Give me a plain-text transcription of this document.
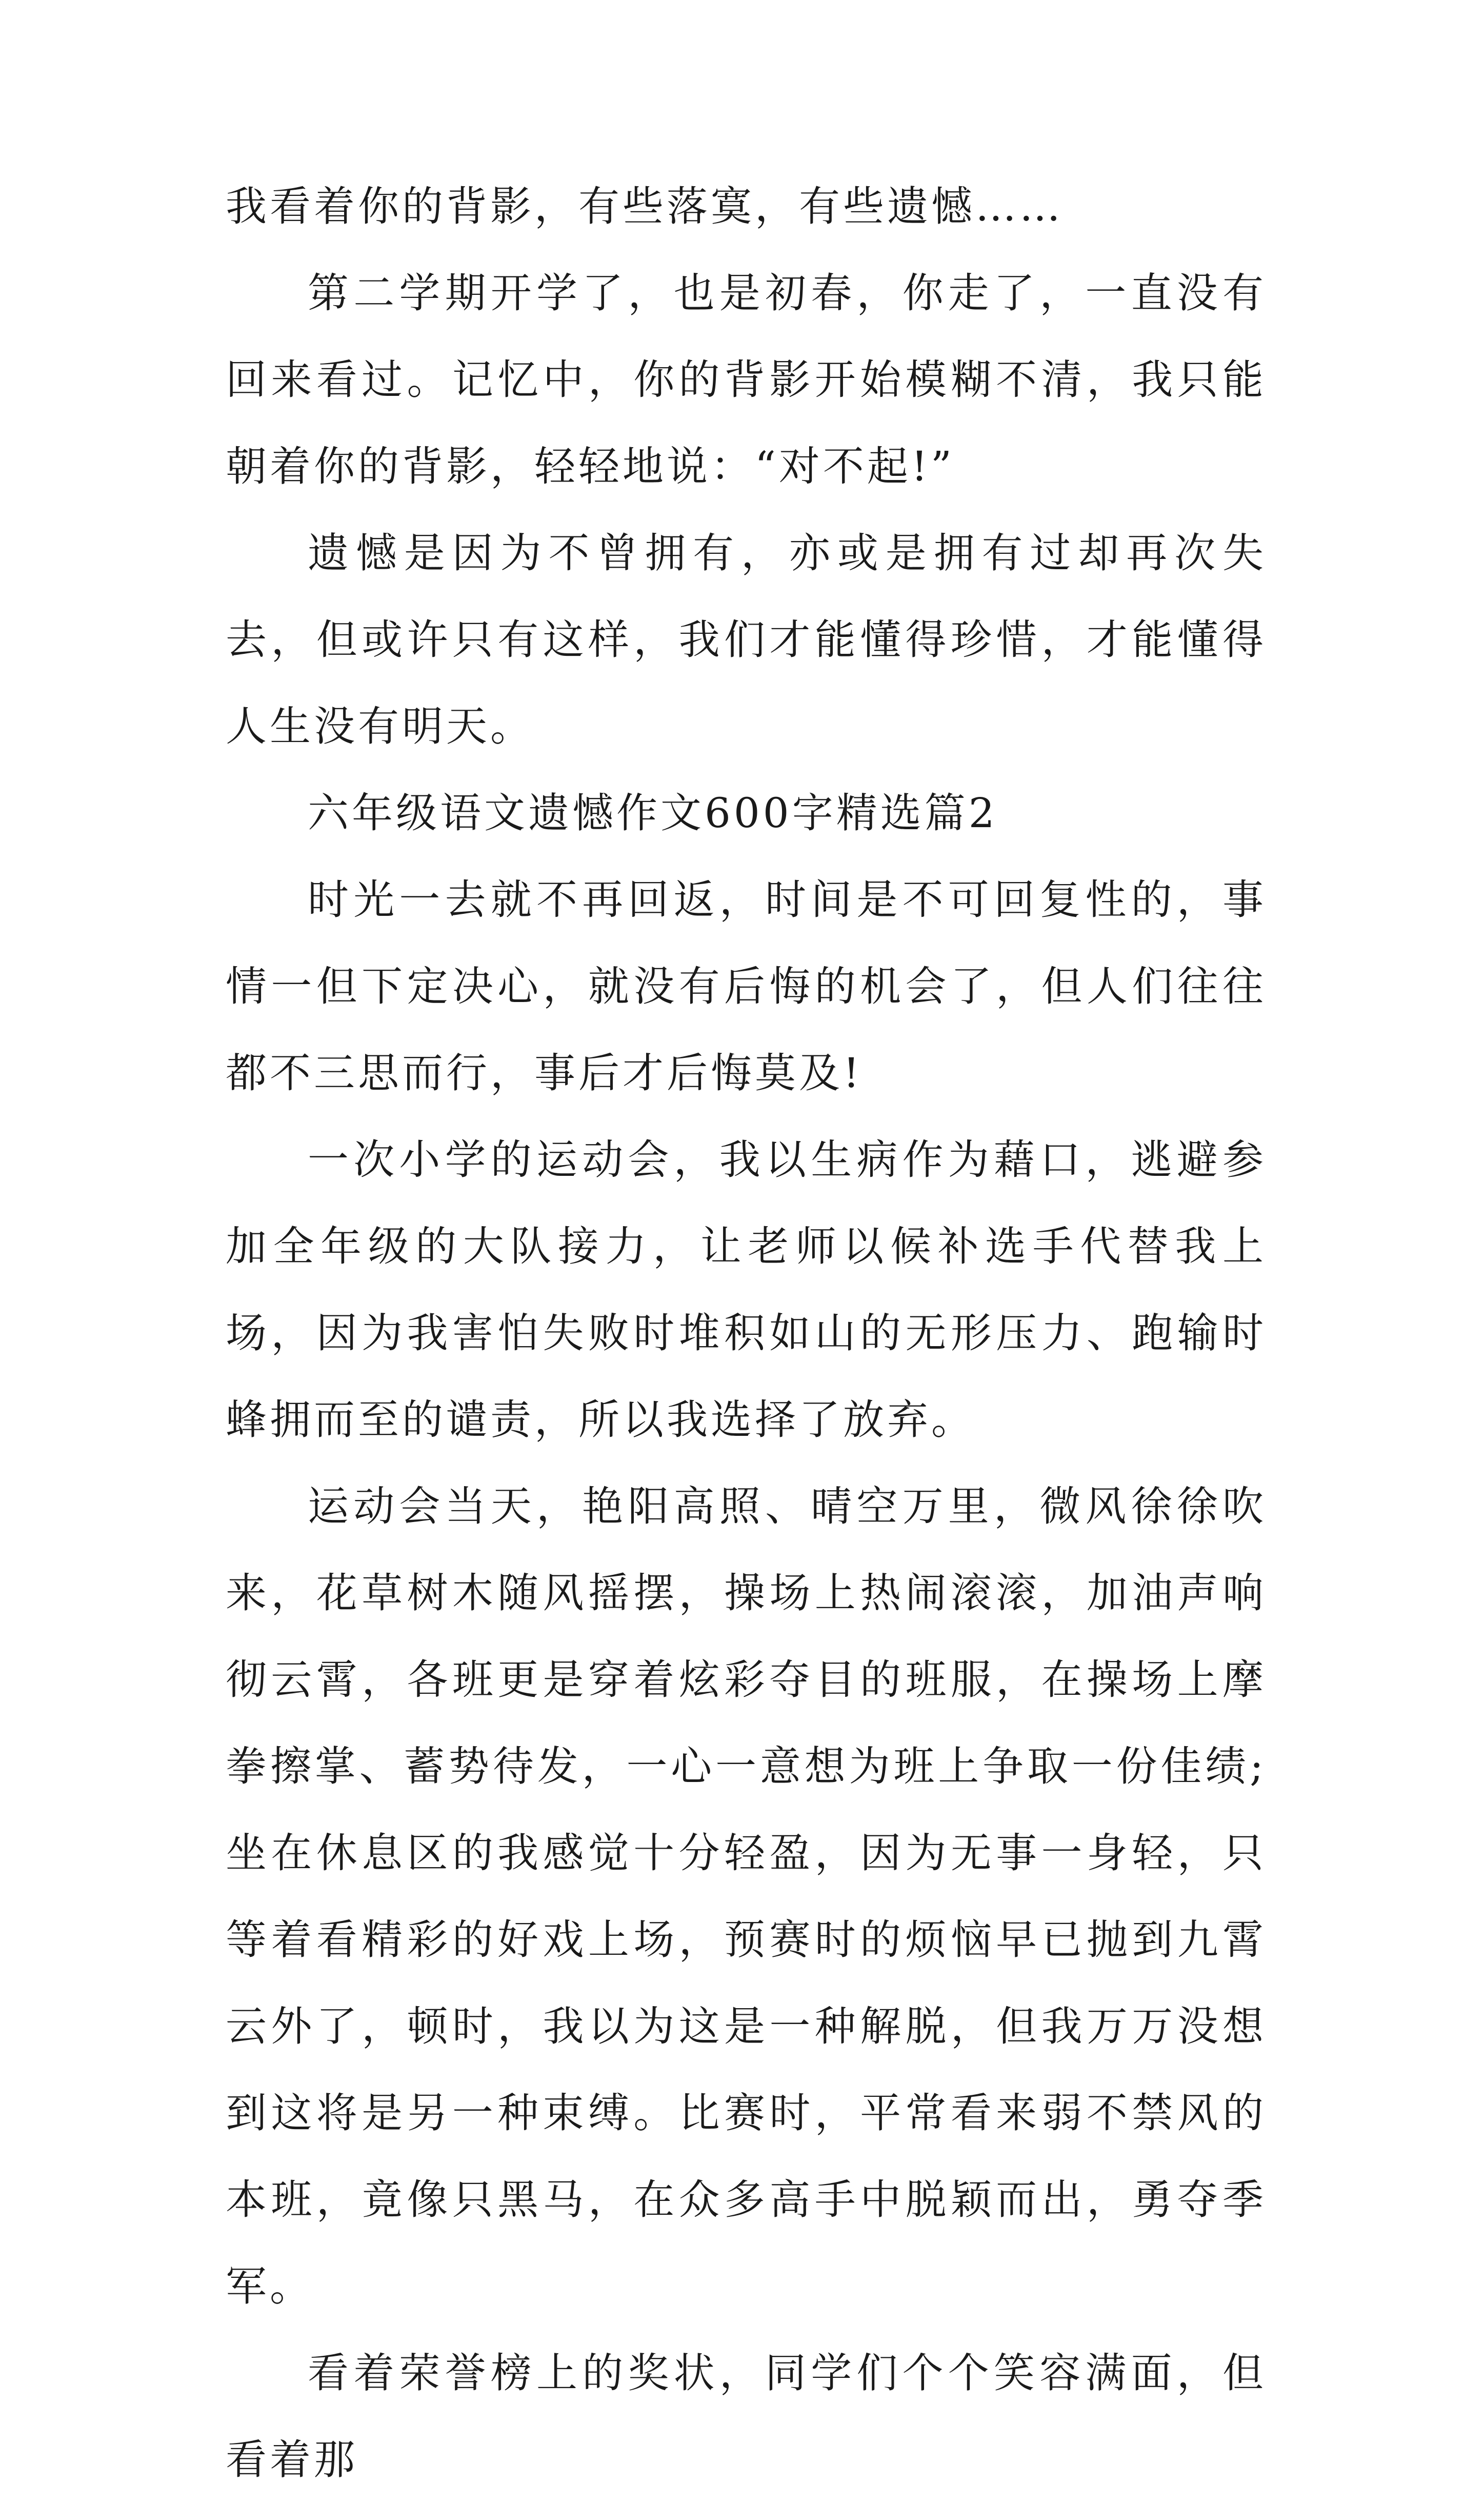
我看着你的背影，有些落寞，有些遗憾……

第二学期开学了，也是初春，你走了，一直没有回来看过。记忆中，你的背影开始模糊不清，我只能朝着你的背影，轻轻地说：“对不起!”

遗憾是因为不曾拥有，亦或是拥有过却再次失去，但或许只有这样，我们才能懂得珍惜，才能懂得人生没有明天。

六年级语文遗憾作文600字精选篇2

时光一去就不再回返，时间是不可回复性的，事情一但下定决心，就没有后悔的机会了，但人们往往都不三思而行，事后才后悔莫及!

一次小学的运动会，我以生病作为藉口，逃避参加全年级的大队接力，让老师以候补选手代替我上场，因为我害怕失败时堆积如山的无形压力、跑输时蜂拥而至的谴责，所以我选择了放弃。

运动会当天，艳阳高照、晴空万里，微风徐徐吹来，花草树木随风摇摆，操场上热闹滚滚，加油声响彻云霄，各班更是穿着炫彩夺目的班服，在操场上摩拳擦掌、蓄势待发，一心一意想为班上争取一份佳绩;坐在休息区的我感觉十分轻盈，因为无事一身轻，只等着看精彩的好戏上场，预赛时的烦恼早已抛到九霄云外了，顿时，我以为这是一种解脱，但我万万没想到这将是另一种束缚。比赛时，平常看来弱不禁风的本班，竟像只黑马，在众多高手中脱颖而出，勇夺季军。

看着荣誉榜上的奖状，同学们个个笑容满面，但看着那
